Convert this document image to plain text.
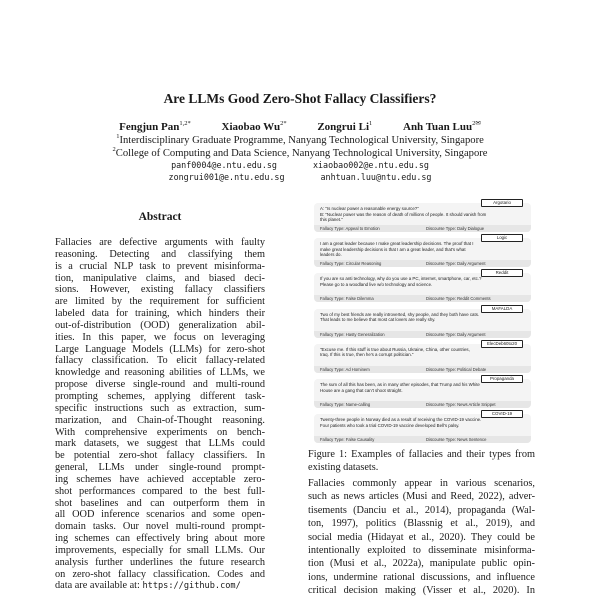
Are LLMs Good Zero-Shot Fallacy Classifiers?
Fengjun Pan$^{1,2*}$	Xiaobao $Wu^{2*}$	Zongrui Li$^1$	Anh Tuan Luu$^{2✉}$
$^1$Interdisciplinary Graduate Programme, Nanyang Technological University, Singapore
$^2$College of Computing and Data Science, Nanyang Technological University, Singapore
panf0004@e.ntu.edu.sg	xiaobao002@e.ntu.edu.sg
zongrui001@e.ntu.edu.sg	anhtuan.luu@ntu.edu.sg
Abstract
Fallacies are defective arguments with faulty
reasoning. Detecting and classifying them
is a crucial NLP task to prevent misinforma-
tion, manipulative claims, and biased deci-
sions. However, existing fallacy classifiers
are limited by the requirement for sufficient
labeled data for training, which hinders their
out-of-distribution (OOD) generalization abil-
ities. In this paper, we focus on leveraging
Large Language Models (LLMs) for zero-shot
fallacy classification. To elicit fallacy-related
knowledge and reasoning abilities of LLMs, we
propose diverse single-round and multi-round
prompting schemes, applying different task-
specific instructions such as extraction, sum-
marization, and Chain-of-Thought reasoning.
With comprehensive experiments on bench-
mark datasets, we suggest that LLMs could
be potential zero-shot fallacy classifiers. In
general, LLMs under single-round prompt-
ing schemes have achieved acceptable zero-
shot performances compared to the best full-
shot baselines and can outperform them in
all OOD inference scenarios and some open-
domain tasks. Our novel multi-round prompt-
ing schemes can effectively bring about more
improvements, especially for small LLMs. Our
analysis further underlines the future research
on zero-shot fallacy classification. Codes and
data are available at: https://github.com/
Argotario
A: "Is nuclear power a reasonable energy source?"
B: "Nuclear power was the reason of death of millions of people. It should vanish from
this planet."
Fallacy Type: Appeal to Emotion	Discourse Type: Daily Dialogue
Logic
I am a great leader because I make great leadership decisions. The proof that I
make great leadership decisions is that I am a great leader, and that's what
leaders do.
Fallacy Type: Circular Reasoning	Discourse Type: Daily Argument
Reddit
If you are so anti technology, why do you use a PC, internet, smartphone, car, etc.?
Please go to a woodland live w/o technology and science.
Fallacy Type: False Dilemma	Discourse Type: Reddit Comments
MAFALDA
Two of my best friends are really introverted, shy people, and they both have cats.
That leads to me believe that most cat lovers are really shy.
Fallacy Type: Hasty Generalization	Discourse Type: Daily Argument
ElecDeb60to20
"Excuse me. If this stuff is true about Russia, Ukraine, China, other countries,
Iraq. If this is true, then he's a corrupt politician."
Fallacy Type: Ad Hominem	Discourse Type: Political Debate
Propaganda
The sum of all this has been, as in many other episodes, that Trump and his White
House are a gang that can't shoot straight.
Fallacy Type: Name-calling	Discourse Type: News Article Snippet
COVID-19
Twenty-three people in Norway died as a result of receiving the COVID-19 vaccine.
Four patients who took a trial COVID-19 vaccine developed Bell's palsy.
Fallacy Type: False Causality	Discourse Type: News Sentence
Figure 1: Examples of fallacies and their types from
existing datasets.
Fallacies commonly appear in various scenarios,
such as news articles (Musi and Reed, 2022), adver-
tisements (Danciu et al., 2014), propaganda (Wal-
ton, 1997), politics (Blassnig et al., 2019), and
social media (Hidayat et al., 2020). They could be
intentionally exploited to disseminate misinforma-
tion (Musi et al., 2022a), manipulate public opin-
ions, undermine rational discussions, and influence
critical decision making (Visser et al., 2020). In
